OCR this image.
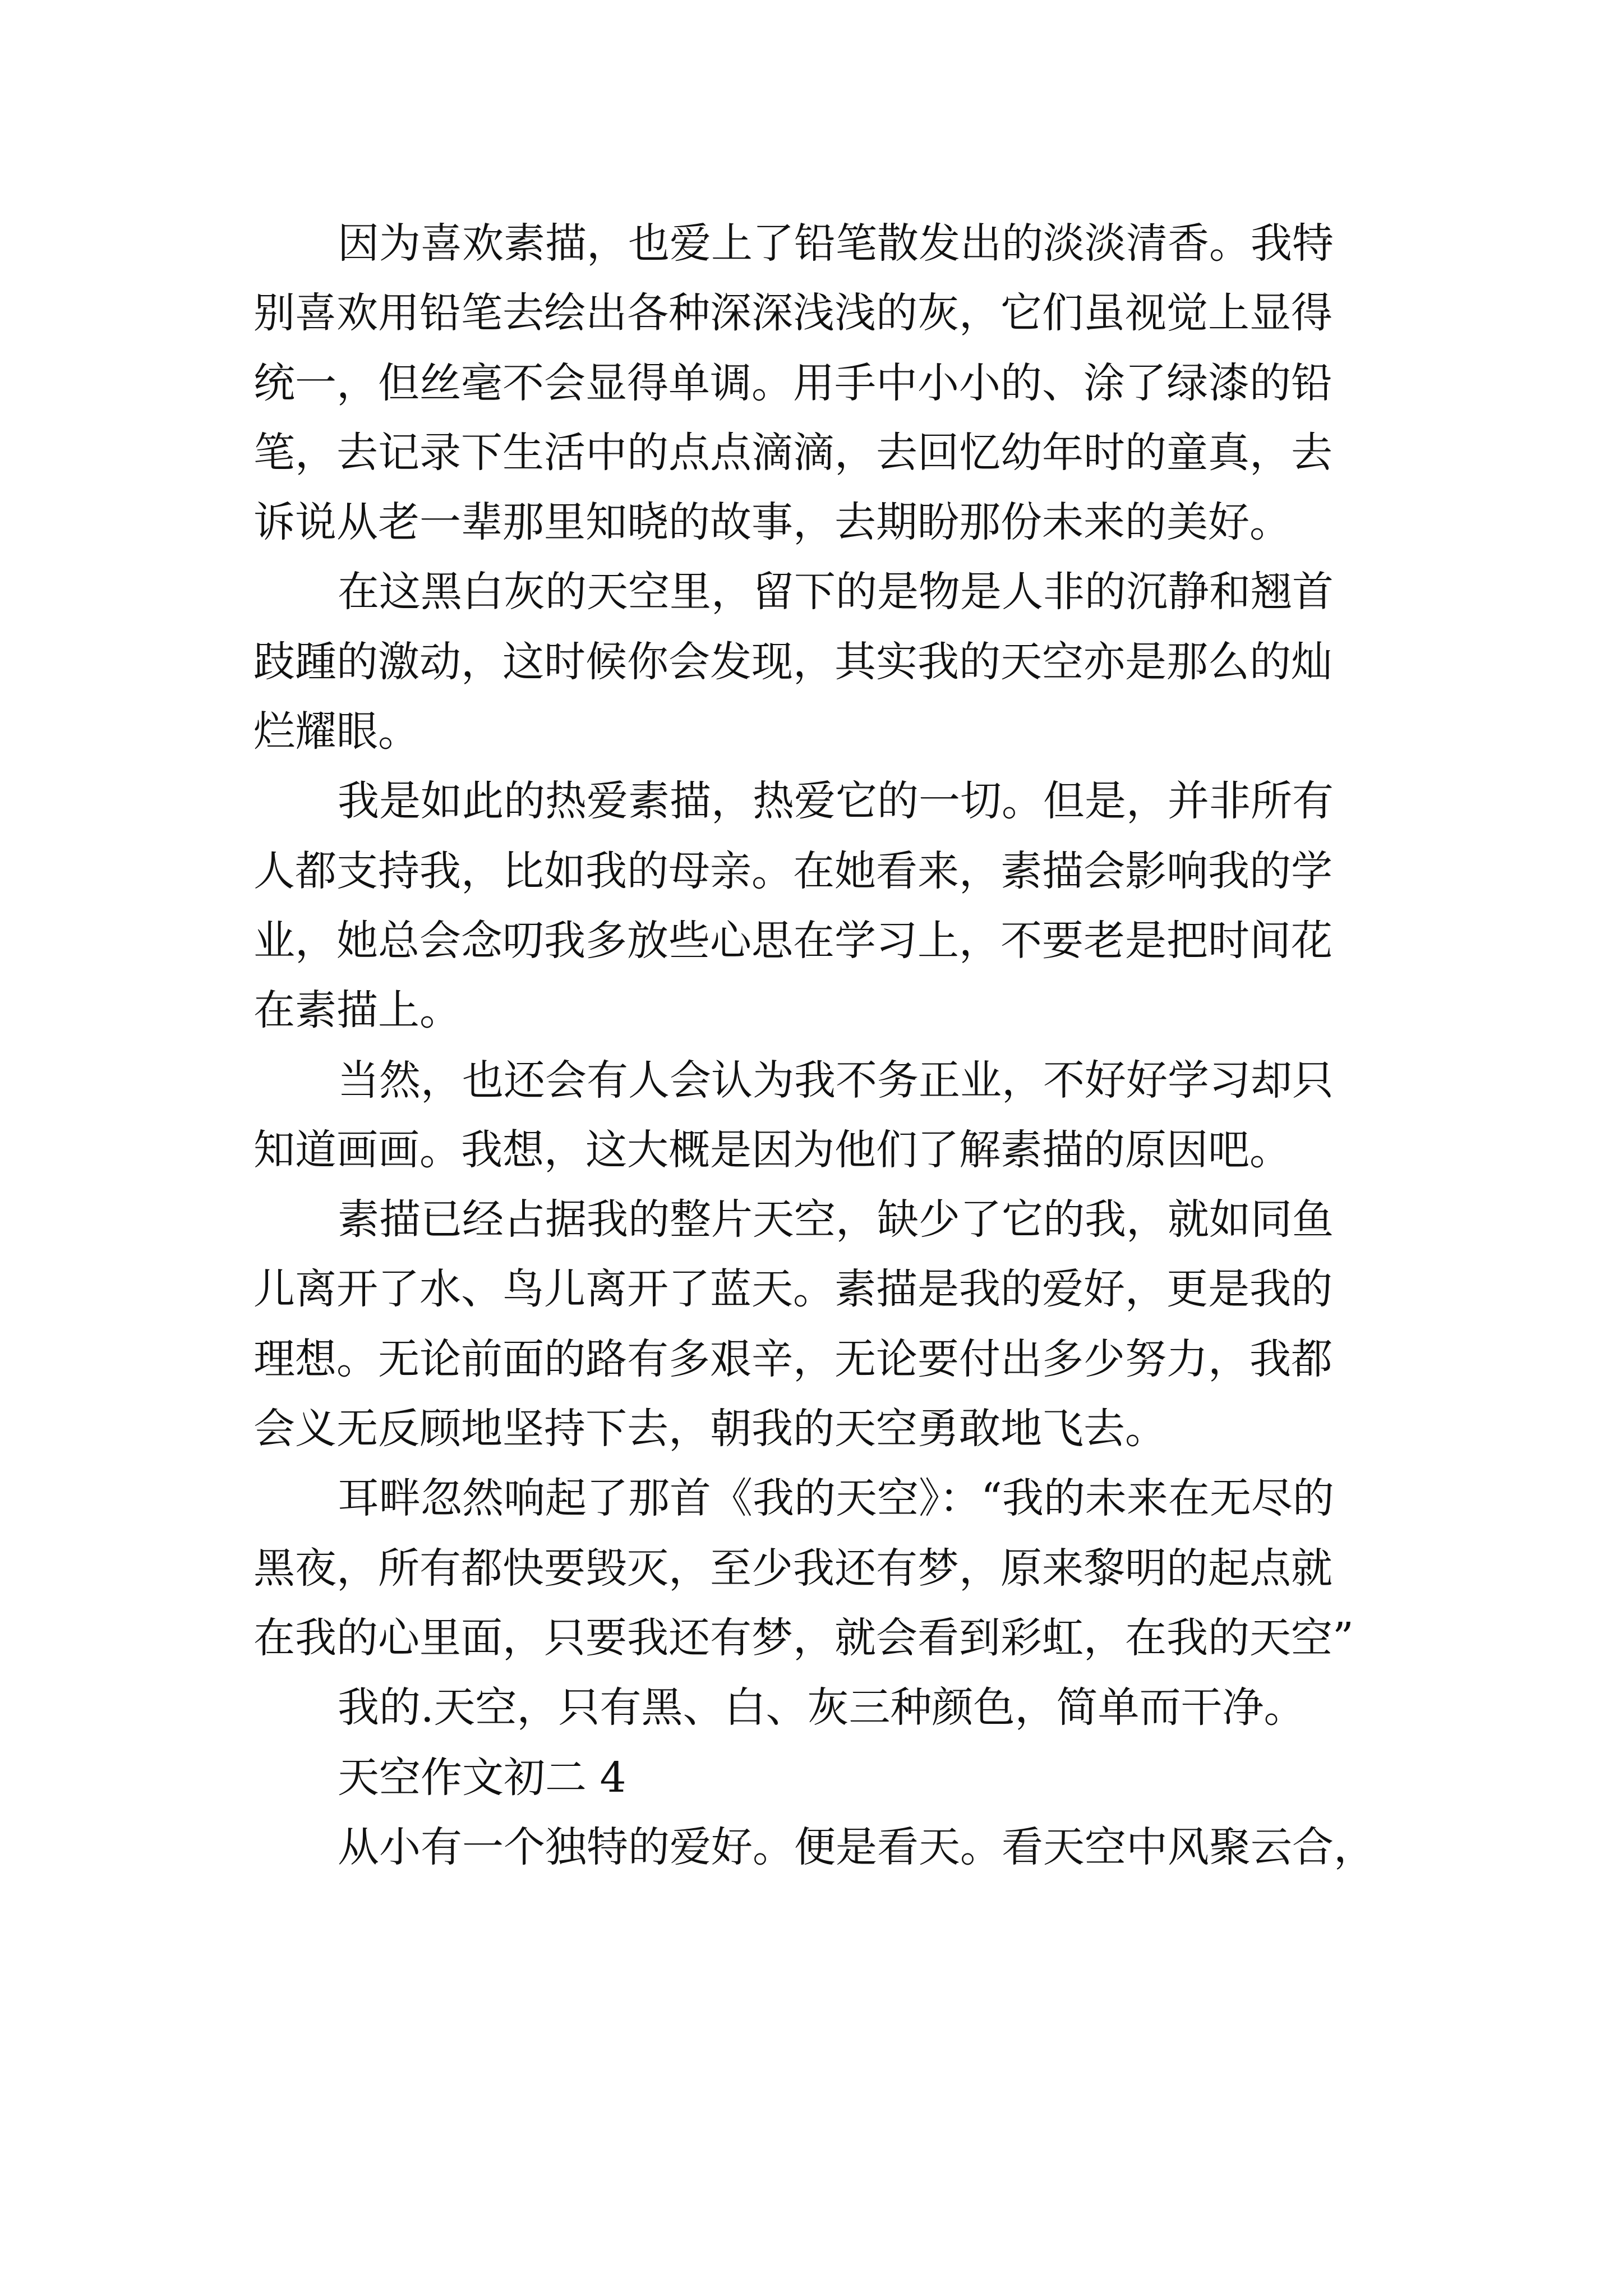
因为喜欢素描，也爱上了铅笔散发出的淡淡清香。我特
别喜欢用铅笔去绘出各种深深浅浅的灰，它们虽视觉上显得
统一，但丝毫不会显得单调。用手中小小的、涂了绿漆的铅
笔，去记录下生活中的点点滴滴，去回忆幼年时的童真，去
诉说从老一辈那里知晓的故事，去期盼那份未来的美好。
在这黑白灰的天空里，留下的是物是人非的沉静和翘首
跂踵的激动，这时候你会发现，其实我的天空亦是那么的灿
烂耀眼。
我是如此的热爱素描，热爱它的一切。但是，并非所有
人都支持我，比如我的母亲。在她看来，素描会影响我的学
业，她总会念叨我多放些心思在学习上，不要老是把时间花
在素描上。
当然，也还会有人会认为我不务正业，不好好学习却只
知道画画。我想，这大概是因为他们了解素描的原因吧。
素描已经占据我的整片天空，缺少了它的我，就如同鱼
儿离开了水、鸟儿离开了蓝天。素描是我的爱好，更是我的
理想。无论前面的路有多艰辛，无论要付出多少努力，我都
会义无反顾地坚持下去，朝我的天空勇敢地飞去。
耳畔忽然响起了那首《我的天空》：“我的未来在无尽的
黑夜，所有都快要毁灭，至少我还有梦，原来黎明的起点就
在我的心里面，只要我还有梦，就会看到彩虹，在我的天空”
我的.天空，只有黑、白、灰三种颜色，简单而干净。
天空作文初二 4
从小有一个独特的爱好。便是看天。看天空中风聚云合，
